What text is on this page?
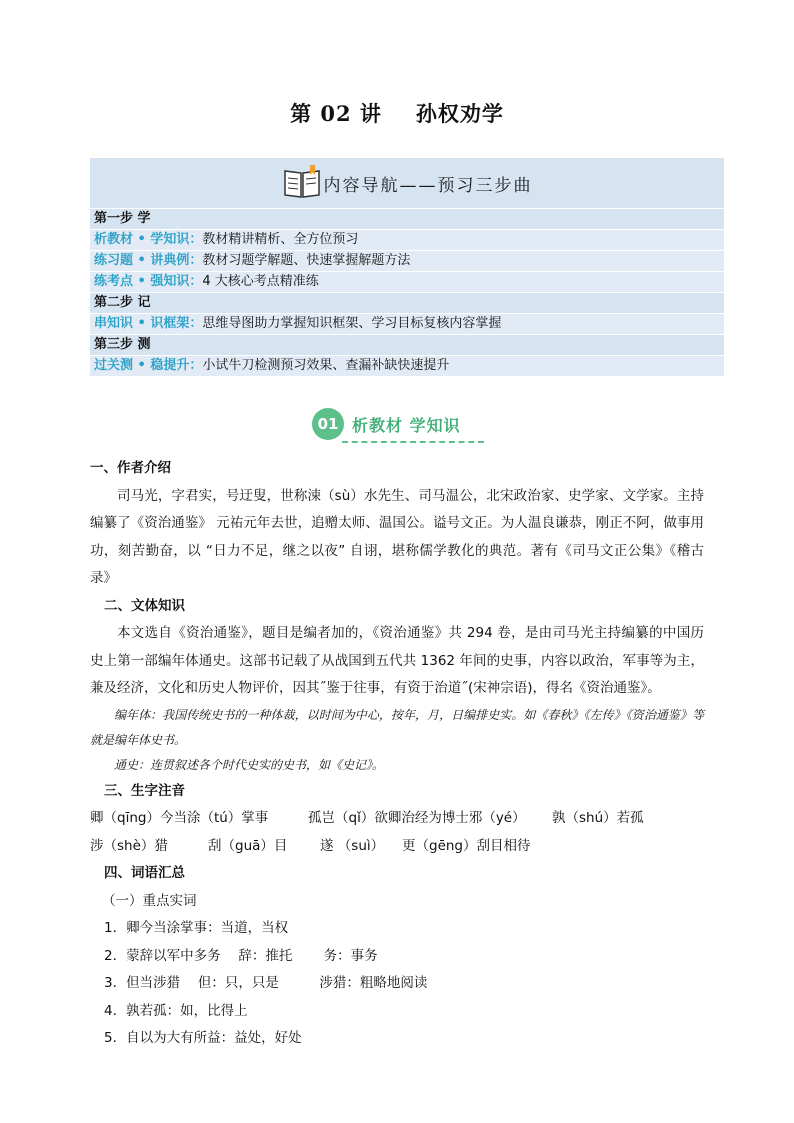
第 02 讲 孙权劝学
内容导航——预习三步曲
第一步 学
析教材 • 学知识：教材精讲精析、全方位预习
练习题 • 讲典例：教材习题学解题、快速掌握解题方法
练考点 • 强知识：4 大核心考点精准练
第二步 记
串知识 • 识框架：思维导图助力掌握知识框架、学习目标复核内容掌握
第三步 测
过关测 • 稳提升：小试牛刀检测预习效果、查漏补缺快速提升
01 析教材 学知识

一、作者介绍

司马光，字君实，号迂叟，世称涑（sù）水先生、司马温公，北宋政治家、史学家、文学家。主持编纂了《资治通鉴》 元祐元年去世，追赠太师、温国公。谥号文正。为人温良谦恭，刚正不阿，做事用功，刻苦勤奋，以 “日力不足，继之以夜” 自诩，堪称儒学教化的典范。著有《司马文正公集》《稽古录》

二、文体知识

本文选自《资治通鉴》，题目是编者加的，《资治通鉴》共 294 卷，是由司马光主持编纂的中国历史上第一部编年体通史。这部书记载了从战国到五代共 1362 年间的史事，内容以政治，军事等为主，兼及经济，文化和历史人物评价，因其˝鉴于往事，有资于治道˝(宋神宗语)，得名《资治通鉴》。

编年体：我国传统史书的一种体裁，以时间为中心，按年，月，日编排史实。如《春秋》《左传》《资治通鉴》等就是编年体史书。

通史：连贯叙述各个时代史实的史书，如《史记》。

三、生字注音

卿（qīng）今当涂（tú）掌事	孤岂（qǐ）欲卿治经为博士邪（yé）	孰（shú）若孤
涉（shè）猎	刮（guā）目	遂 （suì）	更（gēng）刮目相待

四、词语汇总

（一）重点实词

1．卿今当涂掌事：当道，当权

2．蒙辞以军中多务　 辞：推托　　 务：事务

3．但当涉猎　 但：只，只是　　　涉猎：粗略地阅读

4．孰若孤：如，比得上

5．自以为大有所益：益处，好处
